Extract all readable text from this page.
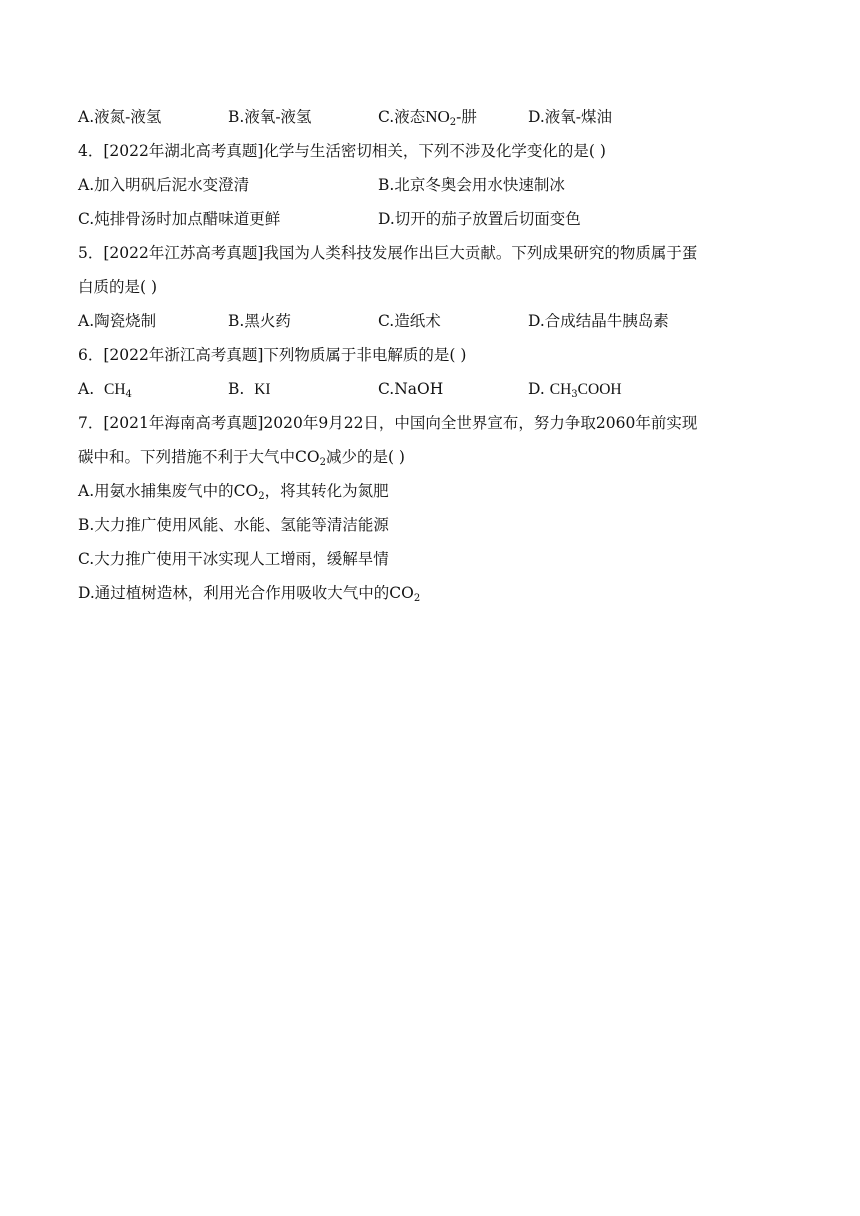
A.液氮-液氢	B.液氧-液氢	C.液态$NO_2-$肼	D.液氧-煤油
4．[2022年湖北高考真题]化学与生活密切相关，下列不涉及化学变化的是( )
A.加入明矾后泥水变澄清	B.北京冬奥会用水快速制冰
C.炖排骨汤时加点醋味道更鲜	D.切开的茄子放置后切面变色
5．[2022年江苏高考真题]我国为人类科技发展作出巨大贡献。下列成果研究的物质属于蛋
白质的是( )
A.陶瓷烧制	B.黑火药	C.造纸术	D.合成结晶牛胰岛素
6．[2022年浙江高考真题]下列物质属于非电解质的是( )
A. $CH_4$	B. KI	C.NaOH	D. $CH_3COOH$
7．[2021年海南高考真题]2020年9月22日，中国向全世界宣布，努力争取2060年前实现
碳中和。下列措施不利于大气中$CO_2$减少的是( )
A.用氨水捕集废气中的$CO_2$，将其转化为氮肥
B.大力推广使用风能、水能、氢能等清洁能源
C.大力推广使用干冰实现人工增雨，缓解旱情
D.通过植树造林，利用光合作用吸收大气中的$CO_2$
